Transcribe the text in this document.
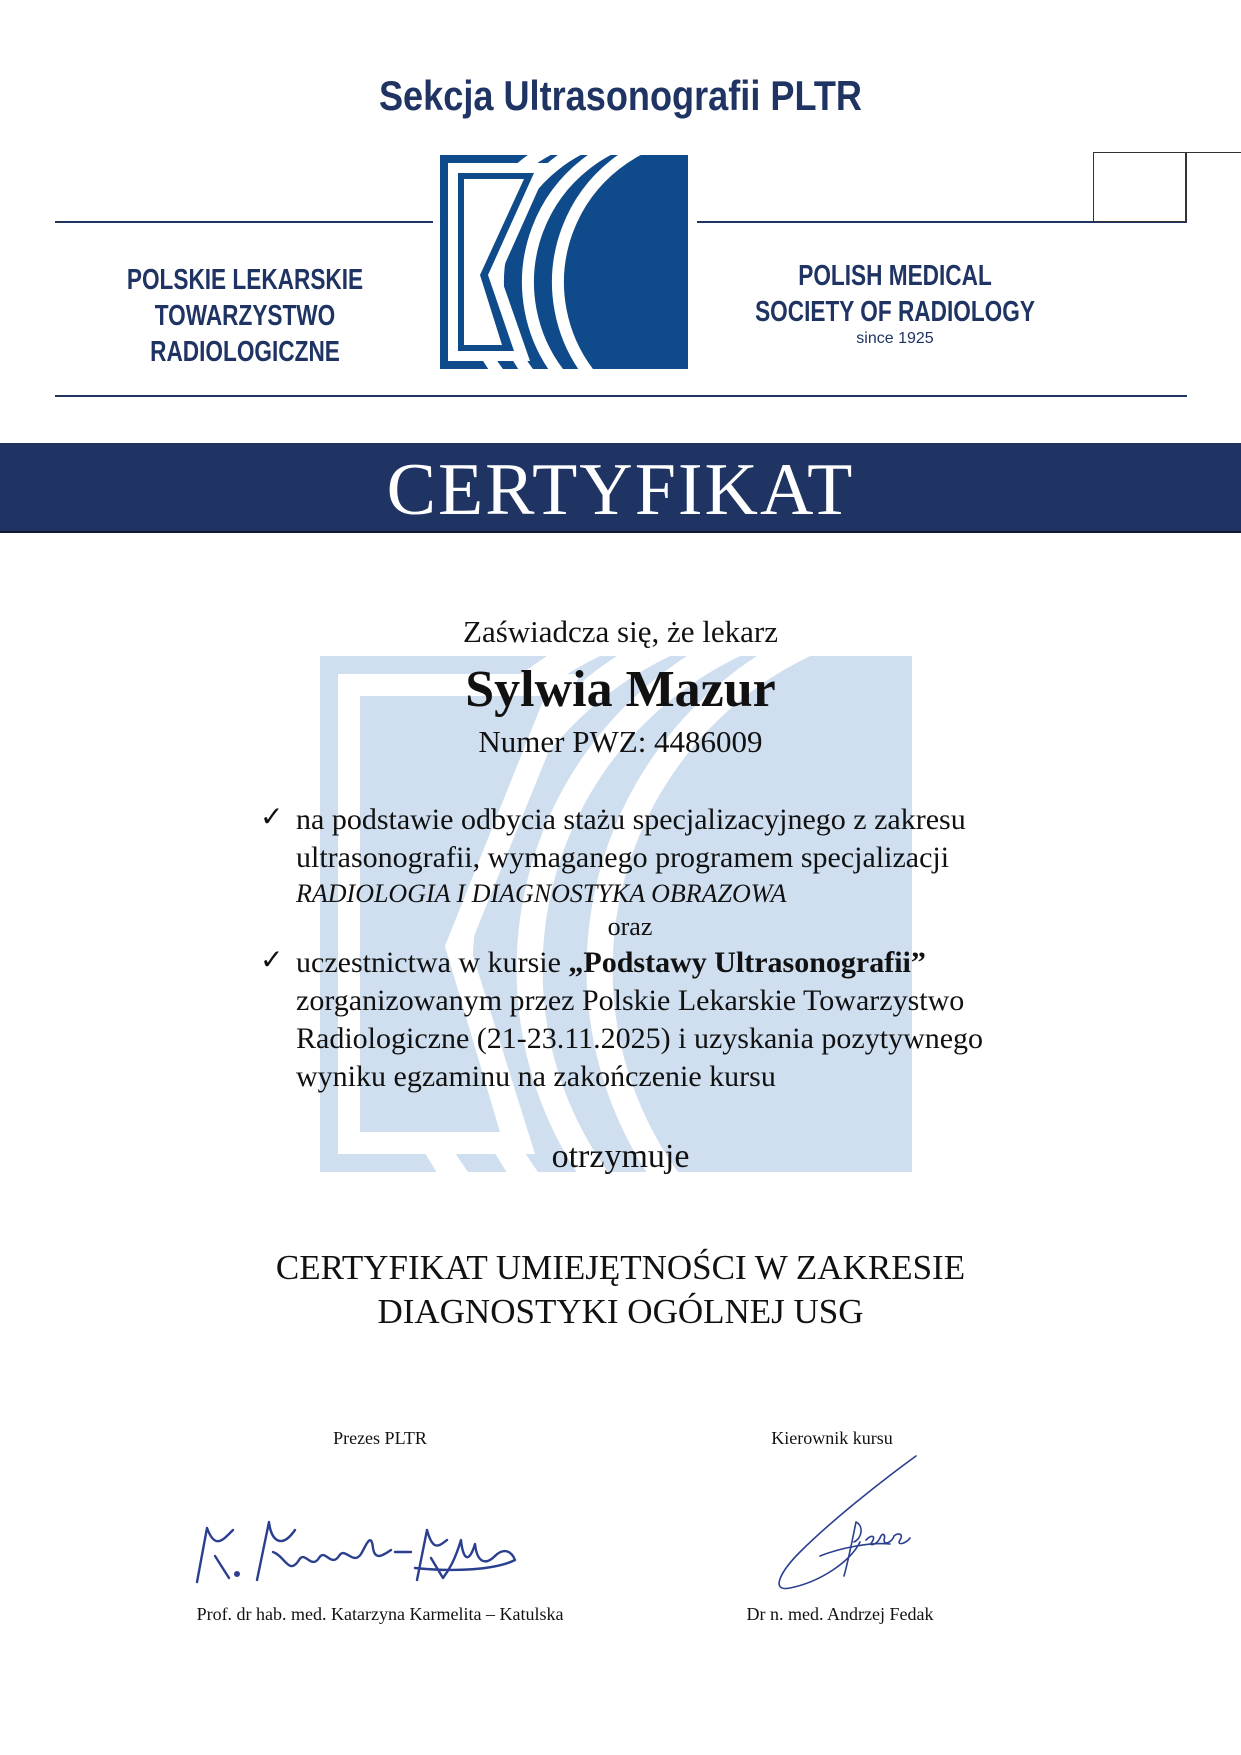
Sekcja Ultrasonografii PLTR
POLSKIE LEKARSKIE
TOWARZYSTWO RADIOLOGICZNE
POLISH MEDICAL
SOCIETY OF RADIOLOGY
since 1925
CERTYFIKAT
Zaświadcza się, że lekarz
Sylwia Mazur
Numer PWZ: 4486009
✓ na podstawie odbycia stażu specjalizacyjnego z zakresu
ultrasonografii, wymaganego programem specjalizacji
RADIOLOGIA I DIAGNOSTYKA OBRAZOWA
oraz
✓ uczestnictwa w kursie „Podstawy Ultrasonografii”
zorganizowanym przez Polskie Lekarskie Towarzystwo
Radiologiczne (21-23.11.2025) i uzyskania pozytywnego
wyniku egzaminu na zakończenie kursu
otrzymuje
CERTYFIKAT UMIEJĘTNOŚCI W ZAKRESIE
DIAGNOSTYKI OGÓLNEJ USG
Prezes PLTR	Kierownik kursu
Prof. dr hab. med. Katarzyna Karmelita – Katulska	Dr n. med. Andrzej Fedak
